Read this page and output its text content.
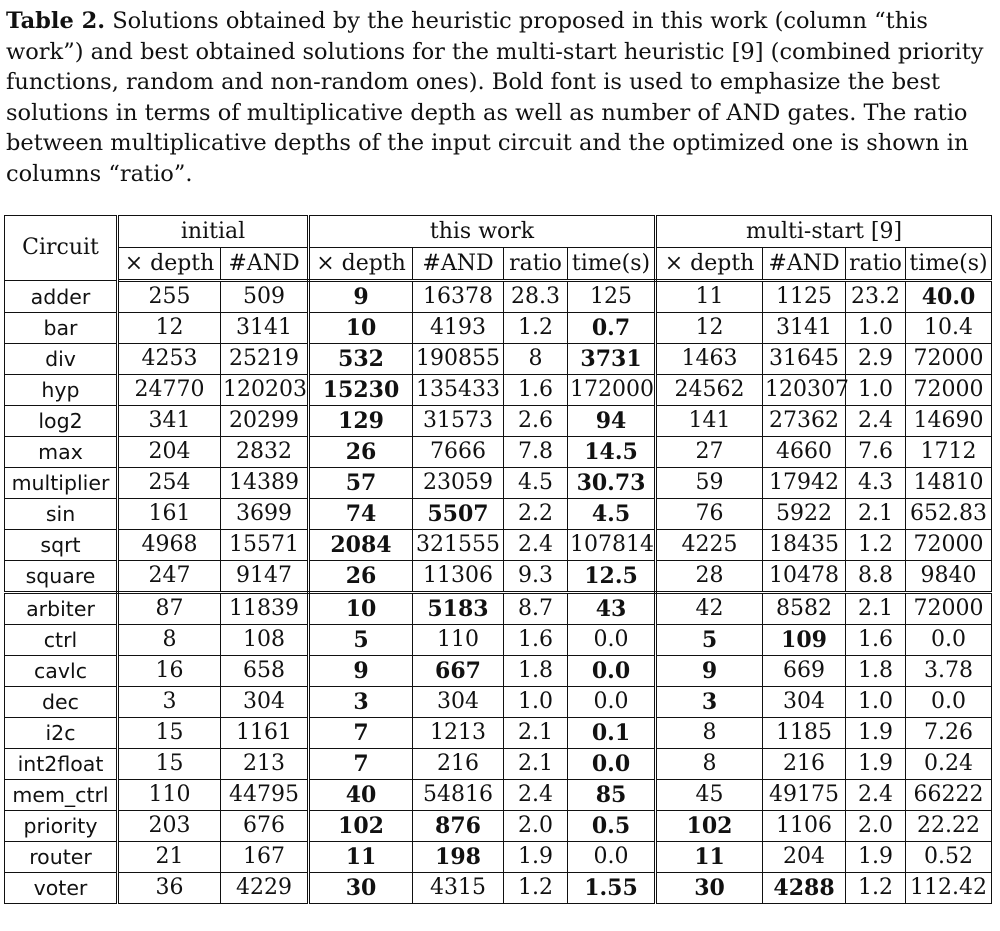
Table 2. Solutions obtained by the heuristic proposed in this work (column “this work”) and best obtained solutions for the multi-start heuristic [9] (combined priority functions, random and non-random ones). Bold font is used to emphasize the best solutions in terms of multiplicative depth as well as number of AND gates. The ratio between multiplicative depths of the input circuit and the optimized one is shown in columns “ratio”.
Circuit	initial		this work				multi-start [9]			
	× depth	#AND	× depth	#AND	ratio	time(s)	× depth	#AND	ratio	time(s)
adder	255	509	9	16378	28.3	125	11	1125	23.2	40.0
bar	12	3141	10	4193	1.2	0.7	12	3141	1.0	10.4
div	4253	25219	532	190855	8	3731	1463	31645	2.9	72000
hyp	24770	120203	15230	135433	1.6	172000	24562	120307	1.0	72000
log2	341	20299	129	31573	2.6	94	141	27362	2.4	14690
max	204	2832	26	7666	7.8	14.5	27	4660	7.6	1712
multiplier	254	14389	57	23059	4.5	30.73	59	17942	4.3	14810
sin	161	3699	74	5507	2.2	4.5	76	5922	2.1	652.83
sqrt	4968	15571	2084	321555	2.4	107814	4225	18435	1.2	72000
square	247	9147	26	11306	9.3	12.5	28	10478	8.8	9840
arbiter	87	11839	10	5183	8.7	43	42	8582	2.1	72000
ctrl	8	108	5	110	1.6	0.0	5	109	1.6	0.0
cavlc	16	658	9	667	1.8	0.0	9	669	1.8	3.78
dec	3	304	3	304	1.0	0.0	3	304	1.0	0.0
i2c	15	1161	7	1213	2.1	0.1	8	1185	1.9	7.26
int2float	15	213	7	216	2.1	0.0	8	216	1.9	0.24
mem_ctrl	110	44795	40	54816	2.4	85	45	49175	2.4	66222
priority	203	676	102	876	2.0	0.5	102	1106	2.0	22.22
router	21	167	11	198	1.9	0.0	11	204	1.9	0.52
voter	36	4229	30	4315	1.2	1.55	30	4288	1.2	112.42
